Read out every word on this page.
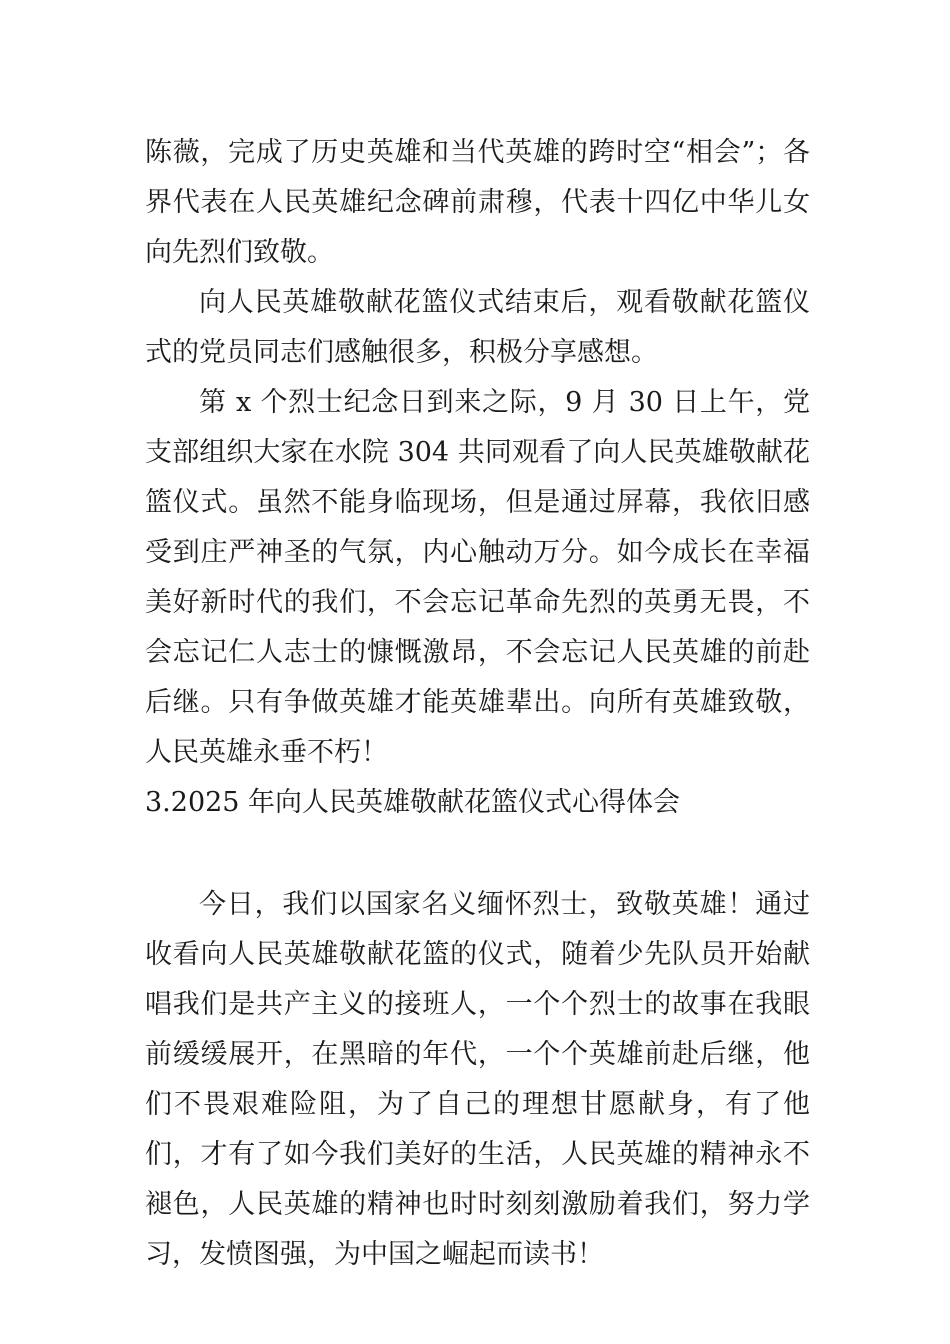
陈薇，完成了历史英雄和当代英雄的跨时空“相会”；各界代表在人民英雄纪念碑前肃穆，代表十四亿中华儿女向先烈们致敬。

向人民英雄敬献花篮仪式结束后，观看敬献花篮仪式的党员同志们感触很多，积极分享感想。

第 x 个烈士纪念日到来之际，9 月 30 日上午，党支部组织大家在水院 304 共同观看了向人民英雄敬献花篮仪式。虽然不能身临现场，但是通过屏幕，我依旧感受到庄严神圣的气氛，内心触动万分。如今成长在幸福美好新时代的我们，不会忘记革命先烈的英勇无畏，不会忘记仁人志士的慷慨激昂，不会忘记人民英雄的前赴后继。只有争做英雄才能英雄辈出。向所有英雄致敬，人民英雄永垂不朽！

3.2025 年向人民英雄敬献花篮仪式心得体会

今日，我们以国家名义缅怀烈士，致敬英雄！通过收看向人民英雄敬献花篮的仪式，随着少先队员开始献唱我们是共产主义的接班人，一个个烈士的故事在我眼前缓缓展开，在黑暗的年代，一个个英雄前赴后继，他们不畏艰难险阻，为了自己的理想甘愿献身，有了他们，才有了如今我们美好的生活，人民英雄的精神永不褪色，人民英雄的精神也时时刻刻激励着我们，努力学习，发愤图强，为中国之崛起而读书！
